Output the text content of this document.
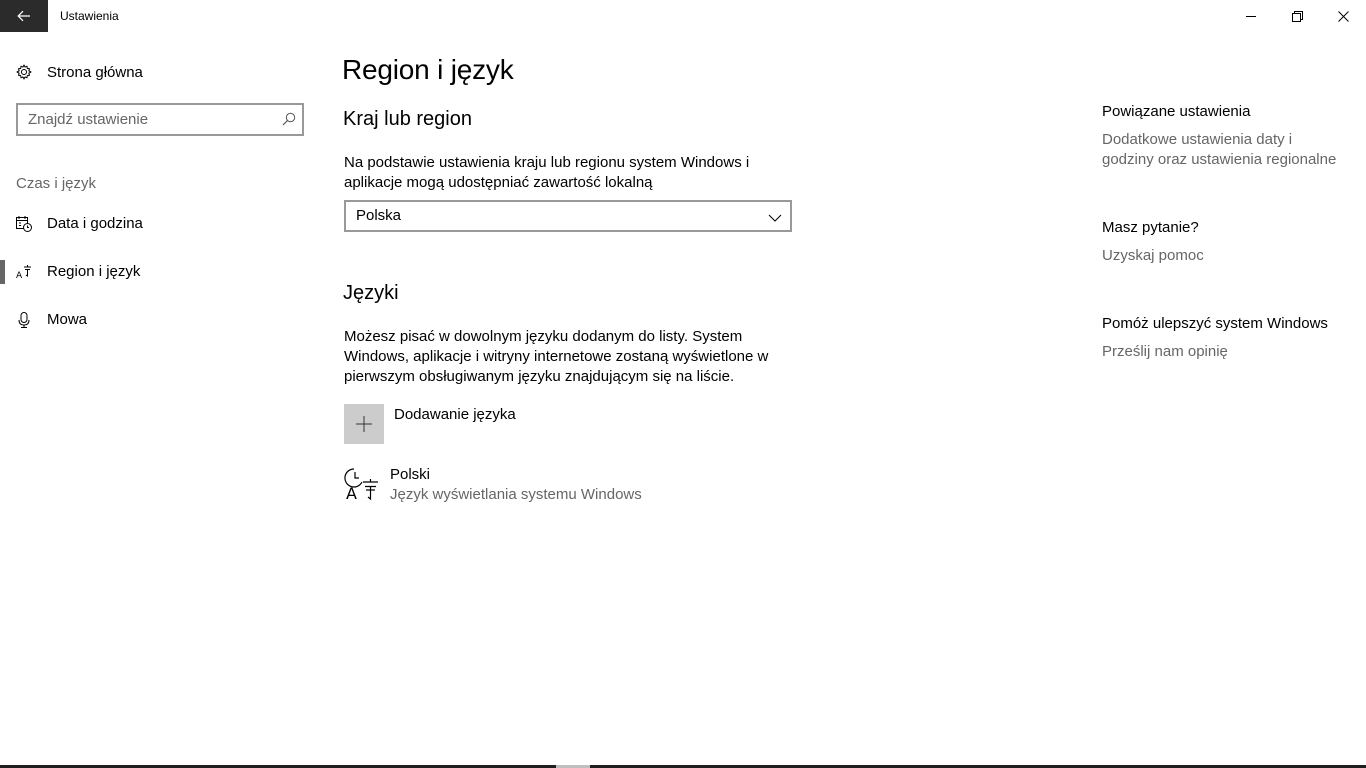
Ustawienia
Strona główna
Znajdź ustawienie
Czas i język
Data i godzina
A Region i język
Mowa
Region i język
Kraj lub region
Na podstawie ustawienia kraju lub regionu system Windows i
aplikacje mogą udostępniać zawartość lokalną
Polska
Języki
Możesz pisać w dowolnym języku dodanym do listy. System
Windows, aplikacje i witryny internetowe zostaną wyświetlone w
pierwszym obsługiwanym języku znajdującym się na liście.
Dodawanie języka
A
Polski
Język wyświetlania systemu Windows
Powiązane ustawienia
Dodatkowe ustawienia daty i
godziny oraz ustawienia regionalne
Masz pytanie?
Uzyskaj pomoc
Pomóż ulepszyć system Windows
Prześlij nam opinię
